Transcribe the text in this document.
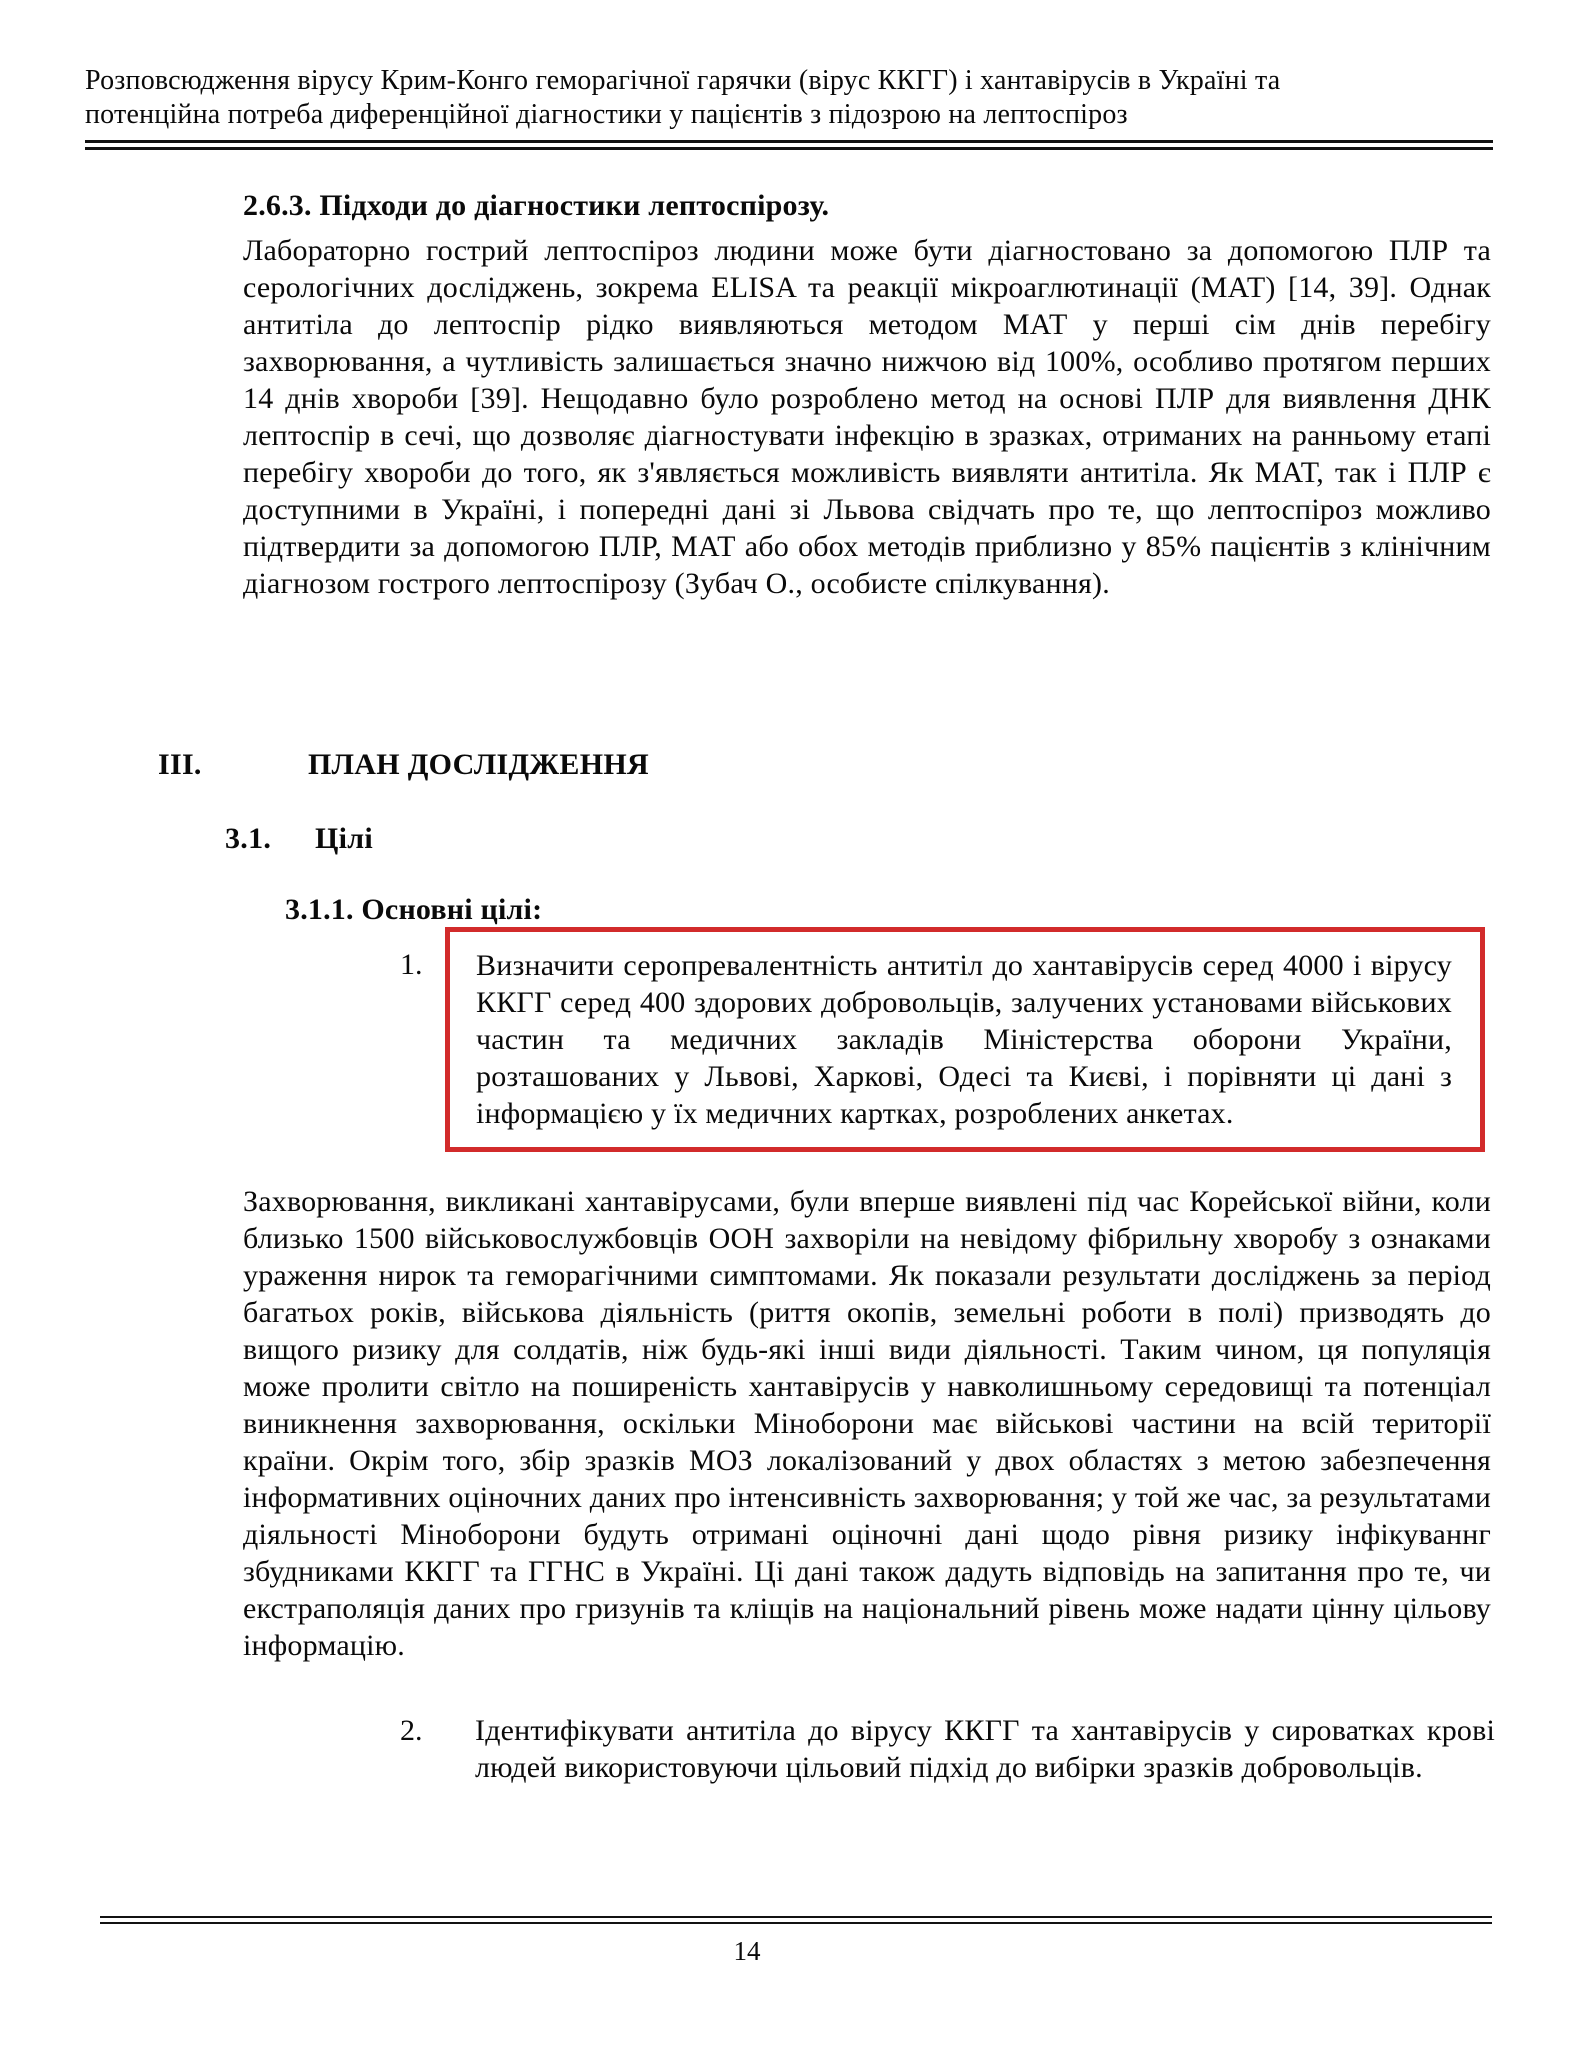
Розповсюдження вірусу Крим-Конго геморагічної гарячки (вірус ККГГ) і хантавірусів в Україні та
потенційна потреба диференційної діагностики у пацієнтів з підозрою на лептоспіроз
2.6.3. Підходи до діагностики лептоспірозу.
Лабораторно гострий лептоспіроз людини може бути діагностовано за допомогою ПЛР та серологічних досліджень, зокрема ELISA та реакції мікроаглютинації (МАТ) [14, 39]. Однак антитіла до лептоспір рідко виявляються методом МАТ у перші сім днів перебігу захворювання, а чутливість залишається значно нижчою від 100%, особливо протягом перших 14 днів хвороби [39]. Нещодавно було розроблено метод на основі ПЛР для виявлення ДНК лептоспір в сечі, що дозволяє діагностувати інфекцію в зразках, отриманих на ранньому етапі перебігу хвороби до того, як з'являється можливість виявляти антитіла. Як МАТ, так і ПЛР є доступними в Україні, і попередні дані зі Львова свідчать про те, що лептоспіроз можливо підтвердити за допомогою ПЛР, МАТ або обох методів приблизно у 85% пацієнтів з клінічним діагнозом гострого лептоспірозу (Зубач О., особисте спілкування).
III.	ПЛАН ДОСЛІДЖЕННЯ
3.1. Цілі
3.1.1. Основні цілі:
1. Визначити серопревалентність антитіл до хантавірусів серед 4000 і вірусу ККГГ серед 400 здорових добровольців, залучених установами військових частин та медичних закладів Міністерства оборони України, розташованих у Львові, Харкові, Одесі та Києві, і порівняти ці дані з інформацією у їх медичних картках, розроблених анкетах.
Захворювання, викликані хантавірусами, були вперше виявлені під час Корейської війни, коли близько 1500 військовослужбовців ООН захворіли на невідому фібрильну хворобу з ознаками ураження нирок та геморагічними симптомами. Як показали результати досліджень за період багатьох років, військова діяльність (риття окопів, земельні роботи в полі) призводять до вищого ризику для солдатів, ніж будь-які інші види діяльності. Таким чином, ця популяція може пролити світло на поширеність хантавірусів у навколишньому середовищі та потенціал виникнення захворювання, оскільки Міноборони має військові частини на всій території країни. Окрім того, збір зразків МОЗ локалізований у двох областях з метою забезпечення інформативних оціночних даних про інтенсивність захворювання; у той же час, за результатами діяльності Міноборони будуть отримані оціночні дані щодо рівня ризику інфікуваннг збудниками ККГГ та ГГНС в Україні. Ці дані також дадуть відповідь на запитання про те, чи екстраполяція даних про гризунів та кліщів на національний рівень може надати цінну цільову інформацію.
2. Ідентифікувати антитіла до вірусу ККГГ та хантавірусів у сироватках крові людей використовуючи цільовий підхід до вибірки зразків добровольців.
14
